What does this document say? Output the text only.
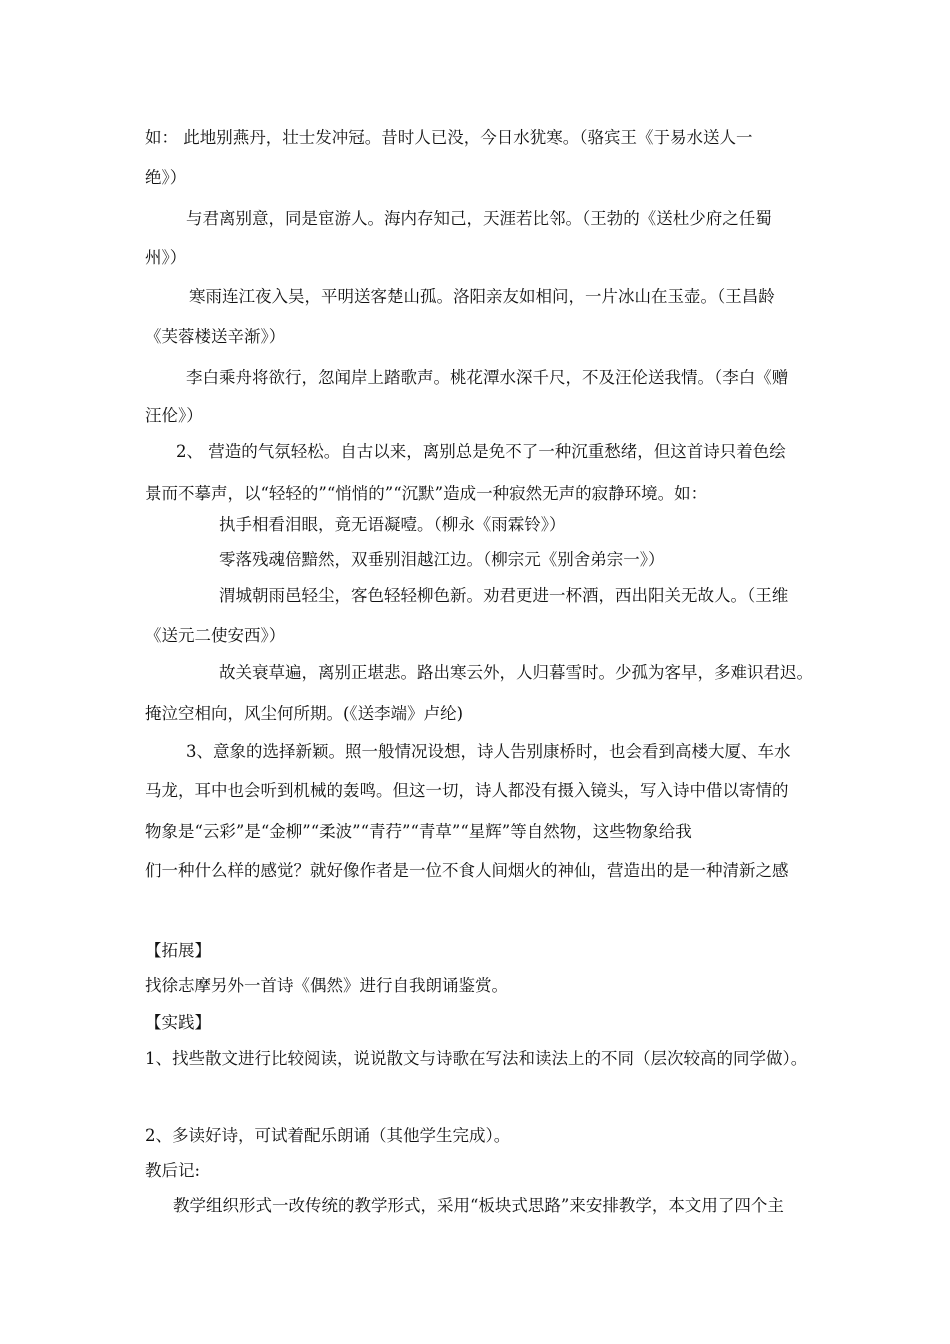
如： 此地别燕丹，壮士发冲冠。昔时人已没，今日水犹寒。（骆宾王《于易水送人一
绝》）
与君离别意，同是宦游人。海内存知己，天涯若比邻。（王勃的《送杜少府之任蜀
州》）
寒雨连江夜入吴，平明送客楚山孤。洛阳亲友如相问，一片冰山在玉壶。（王昌龄
《芙蓉楼送辛渐》）
李白乘舟将欲行，忽闻岸上踏歌声。桃花潭水深千尺，不及汪伦送我情。（李白《赠
汪伦》）
2、 营造的气氛轻松。自古以来，离别总是免不了一种沉重愁绪，但这首诗只着色绘
景而不摹声，以“轻轻的”“悄悄的”“沉默”造成一种寂然无声的寂静环境。如：
执手相看泪眼，竟无语凝噎。（柳永《雨霖铃》）
零落残魂倍黯然，双垂别泪越江边。（柳宗元《别舍弟宗一》）
渭城朝雨邑轻尘，客色轻轻柳色新。劝君更进一杯酒，西出阳关无故人。（王维
《送元二使安西》）
故关衰草遍，离别正堪悲。路出寒云外，人归暮雪时。少孤为客早，多难识君迟。
掩泣空相向，风尘何所期。(《送李端》卢纶)
3、意象的选择新颖。照一般情况设想，诗人告别康桥时，也会看到高楼大厦、车水
马龙，耳中也会听到机械的轰鸣。但这一切，诗人都没有摄入镜头，写入诗中借以寄情的
物象是“云彩”是“金柳”“柔波”“青荇”“青草”“星辉”等自然物，这些物象给我
们一种什么样的感觉？就好像作者是一位不食人间烟火的神仙，营造出的是一种清新之感
【拓展】
找徐志摩另外一首诗《偶然》进行自我朗诵鉴赏。
【实践】
1、找些散文进行比较阅读，说说散文与诗歌在写法和读法上的不同（层次较高的同学做）。
2、多读好诗，可试着配乐朗诵（其他学生完成）。
教后记:
教学组织形式一改传统的教学形式，采用“板块式思路”来安排教学，本文用了四个主
